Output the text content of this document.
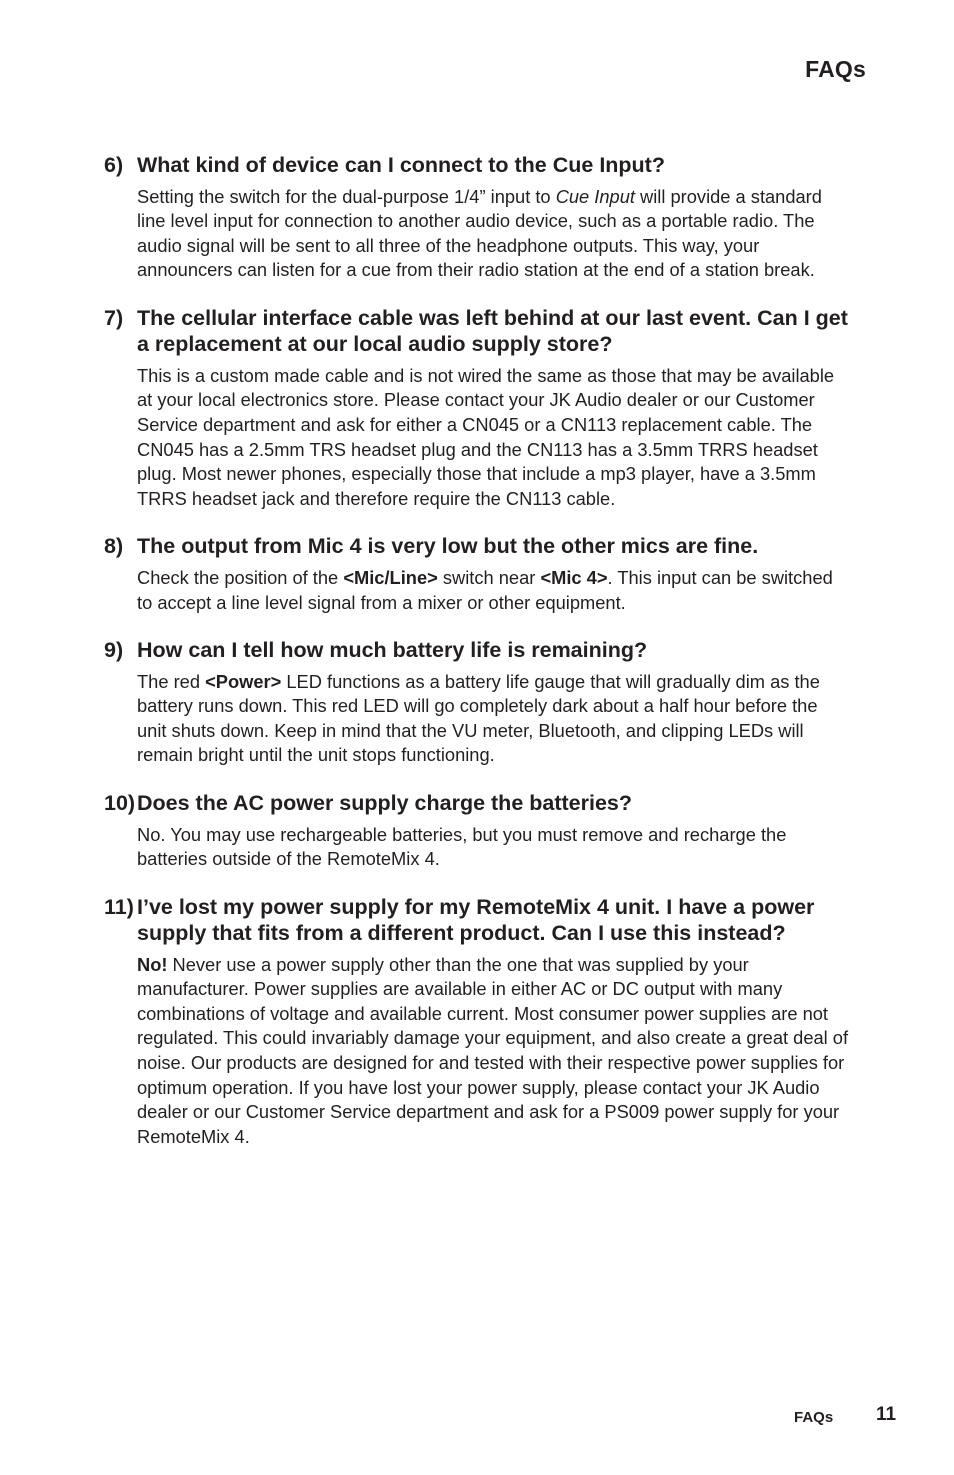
FAQs
6) What kind of device can I connect to the Cue Input?

Setting the switch for the dual-purpose 1/4” input to Cue Input will provide a standard line level input for connection to another audio device, such as a portable radio. The audio signal will be sent to all three of the headphone outputs. This way, your announcers can listen for a cue from their radio station at the end of a station break.

7) The cellular interface cable was left behind at our last event. Can I get a replacement at our local audio supply store?

This is a custom made cable and is not wired the same as those that may be available at your local electronics store. Please contact your JK Audio dealer or our Customer Service department and ask for either a CN045 or a CN113 replacement cable. The CN045 has a 2.5mm TRS headset plug and the CN113 has a 3.5mm TRRS headset plug. Most newer phones, especially those that include a mp3 player, have a 3.5mm TRRS headset jack and therefore require the CN113 cable.

8) The output from Mic 4 is very low but the other mics are fine.

Check the position of the <Mic/Line> switch near <Mic 4>. This input can be switched to accept a line level signal from a mixer or other equipment.

9) How can I tell how much battery life is remaining?

The red <Power> LED functions as a battery life gauge that will gradually dim as the battery runs down. This red LED will go completely dark about a half hour before the unit shuts down. Keep in mind that the VU meter, Bluetooth, and clipping LEDs will remain bright until the unit stops functioning.

10)Does the AC power supply charge the batteries?

No. You may use rechargeable batteries, but you must remove and recharge the batteries outside of the RemoteMix 4.

11) I’ve lost my power supply for my RemoteMix 4 unit. I have a power supply that fits from a different product. Can I use this instead?

No! Never use a power supply other than the one that was supplied by your manufacturer. Power supplies are available in either AC or DC output with many combinations of voltage and available current. Most consumer power supplies are not regulated. This could invariably damage your equipment, and also create a great deal of noise. Our products are designed for and tested with their respective power supplies for optimum operation. If you have lost your power supply, please contact your JK Audio dealer or our Customer Service department and ask for a PS009 power supply for your RemoteMix 4.

FAQs 11
